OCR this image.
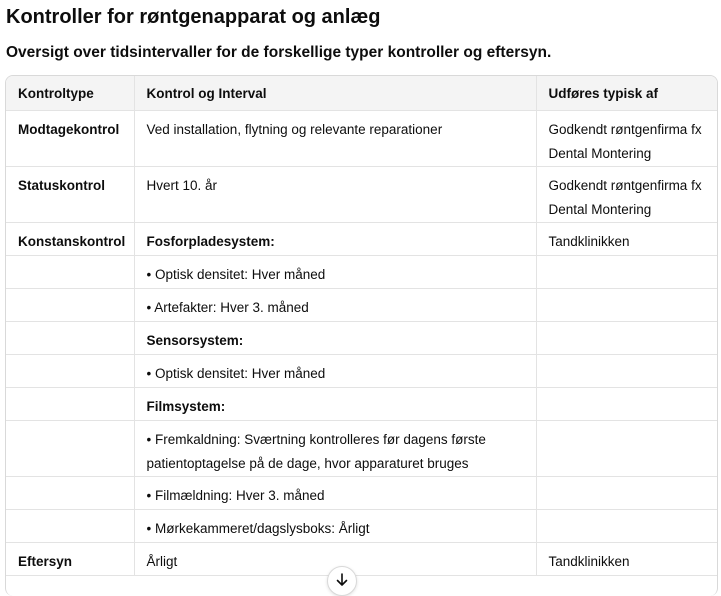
Kontroller for røntgenapparat og anlæg
Oversigt over tidsintervaller for de forskellige typer kontroller og eftersyn.
Kontroltype	Kontrol og Interval	Udføres typisk af
Modtagekontrol	Ved installation, flytning og relevante reparationer	Godkendt røntgenfirma fx Dental Montering
Statuskontrol	Hvert 10. år	Godkendt røntgenfirma fx Dental Montering
Konstanskontrol	Fosforpladesystem:	Tandklinikken
	• Optisk densitet: Hver måned	
	• Artefakter: Hver 3. måned	
	Sensorsystem:	
	• Optisk densitet: Hver måned	
	Filmsystem:	
	• Fremkaldning: Sværtning kontrolleres før dagens første patientoptagelse på de dage, hvor apparaturet bruges	
	• Filmældning: Hver 3. måned	
	• Mørkekammeret/dagslysboks: Årligt	
Eftersyn	Årligt	Tandklinikken
